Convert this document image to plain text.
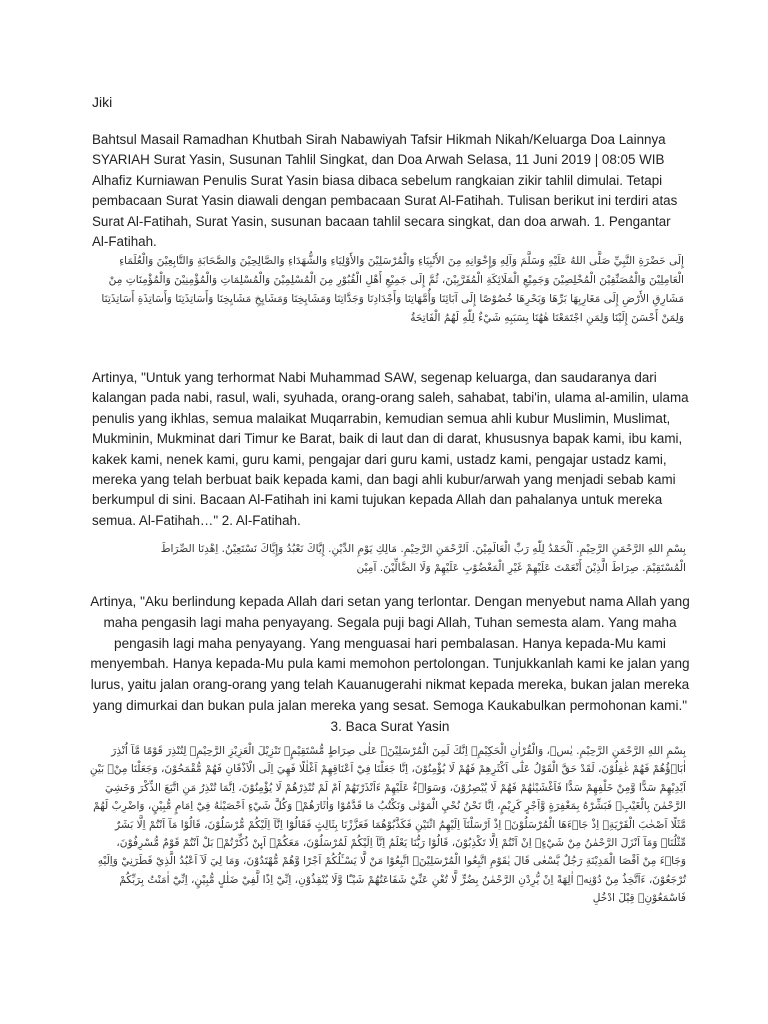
Jiki
Bahtsul Masail Ramadhan Khutbah Sirah Nabawiyah Tafsir Hikmah Nikah/Keluarga Doa Lainnya SYARIAH Surat Yasin, Susunan Tahlil Singkat, dan Doa Arwah Selasa, 11 Juni 2019 | 08:05 WIB Alhafiz Kurniawan Penulis Surat Yasin biasa dibaca sebelum rangkaian zikir tahlil dimulai. Tetapi pembacaan Surat Yasin diawali dengan pembacaan Surat Al-Fatihah. Tulisan berikut ini terdiri atas Surat Al-Fatihah, Surat Yasin, susunan bacaan tahlil secara singkat, dan doa arwah. 1. Pengantar Al-Fatihah.
إِلَى حَضْرَةِ النَّبِيِّ صَلَّى اللهُ عَلَيْهِ وَسَلَّمَ وَآلِهِ وَإِخْوَانِهِ مِنَ الأَنْبِيَاءِ وَالْمُرْسَلِيْنَ وَالأَوْلِيَاءِ وَالشُّهَدَاءِ وَالصَّالِحِيْنَ وَالصَّحَابَةِ وَالتَّابِعِيْنَ وَالْعُلَمَاءِ الْعَامِلِيْنَ وَالْمُصَنِّفِيْنَ الْمُخْلِصِيْنَ وَجَمِيْعِ الْمَلَائِكَةِ الْمُقَرَّبِيْنَ، ثُمَّ إِلَى جَمِيْعِ أَهْلِ الْقُبُوْرِ مِنَ الْمُسْلِمِيْنَ وَالْمُسْلِمَاتِ وَالْمُؤْمِنِيْنَ وَالْمُؤْمِنَاتِ مِنْ مَشَارِقِ الأَرْضِ إِلَى مَغَارِبِهَا بَرِّهَا وَبَحْرِهَا خُصُوْصًا إِلَى آبَائِنَا وَأُمَّهَاتِنَا وَأَجْدَادِنَا وَجَدَّاتِنَا وَمَشَايِخِنَا وَمَشَايِخِ مَشَايِخِنَا وَأَسَاتِذَتِنَا وَأَسَاتِذَةِ أَسَاتِذَتِنَا وَلِمَنْ أَحْسَنَ إِلَيْنَا وَلِمَنِ اجْتَمَعْنَا هٰهُنَا بِسَبَبِهِ شَيْءٌ لِلّٰهِ لَهُمُ الْفَاتِحَةُ
Artinya, "Untuk yang terhormat Nabi Muhammad SAW, segenap keluarga, dan saudaranya dari kalangan pada nabi, rasul, wali, syuhada, orang-orang saleh, sahabat, tabi'in, ulama al-amilin, ulama penulis yang ikhlas, semua malaikat Muqarrabin, kemudian semua ahli kubur Muslimin, Muslimat, Mukminin, Mukminat dari Timur ke Barat, baik di laut dan di darat, khususnya bapak kami, ibu kami, kakek kami, nenek kami, guru kami, pengajar dari guru kami, ustadz kami, pengajar ustadz kami, mereka yang telah berbuat baik kepada kami, dan bagi ahli kubur/arwah yang menjadi sebab kami berkumpul di sini. Bacaan Al-Fatihah ini kami tujukan kepada Allah dan pahalanya untuk mereka semua. Al-Fatihah…" 2. Al-Fatihah.
بِسْمِ اللهِ الرَّحْمَنِ الرَّحِيْمِ. اَلْحَمْدُ لِلّٰهِ رَبِّ الْعَالَمِيْنَ. اَلرَّحْمَنِ الرَّحِيْمِ. مَالِكِ يَوْمِ الدِّيْنِ. إِيَّاكَ نَعْبُدُ وَإِيَّاكَ نَسْتَعِيْنُ. اِهْدِنَا الصِّرَاطَ الْمُسْتَقِيْمَ. صِرَاطَ الَّذِيْنَ أَنْعَمْتَ عَلَيْهِمْ غَيْرِ الْمَغْضُوْبِ عَلَيْهِمْ وَلَا الضَّالِّيْنَ. آمِيْن
Artinya, "Aku berlindung kepada Allah dari setan yang terlontar. Dengan menyebut nama Allah yang maha pengasih lagi maha penyayang. Segala puji bagi Allah, Tuhan semesta alam. Yang maha pengasih lagi maha penyayang. Yang menguasai hari pembalasan. Hanya kepada-Mu kami menyembah. Hanya kepada-Mu pula kami memohon pertolongan. Tunjukkanlah kami ke jalan yang lurus, yaitu jalan orang-orang yang telah Kauanugerahi nikmat kepada mereka, bukan jalan mereka yang dimurkai dan bukan pula jalan mereka yang sesat. Semoga Kaukabulkan permohonan kami." 3. Baca Surat Yasin
بِسْمِ اللهِ الرَّحْمَنِ الرَّحِيْمِ. يٰسۤ، وَالْقُرْاٰنِ الْحَكِيْمِۙ اِنَّكَ لَمِنَ الْمُرْسَلِيْنَۙ عَلٰى صِرَاطٍ مُّسْتَقِيْمٍۗ تَنْزِيْلَ الْعَزِيْزِ الرَّحِيْمِۙ لِتُنْذِرَ قَوْمًا مَّآ اُنْذِرَ اٰبَاۤؤُهُمْ فَهُمْ غٰفِلُوْنَ، لَقَدْ حَقَّ الْقَوْلُ عَلٰٓى اَكْثَرِهِمْ فَهُمْ لَا يُؤْمِنُوْنَ، اِنَّا جَعَلْنَا فِيْٓ اَعْنَاقِهِمْ اَغْلٰلًا فَهِيَ اِلَى الْاَذْقَانِ فَهُمْ مُّقْمَحُوْنَ، وَجَعَلْنَا مِنْۢ بَيْنِ اَيْدِيْهِمْ سَدًّا وَّمِنْ خَلْفِهِمْ سَدًّا فَاَغْشَيْنٰهُمْ فَهُمْ لَا يُبْصِرُوْنَ، وَسَوَاۤءٌ عَلَيْهِمْ ءَاَنْذَرْتَهُمْ اَمْ لَمْ تُنْذِرْهُمْ لَا يُؤْمِنُوْنَ، اِنَّمَا تُنْذِرُ مَنِ اتَّبَعَ الذِّكْرَ وَخَشِيَ الرَّحْمٰنَ بِالْغَيْبِۚ فَبَشِّرْهُ بِمَغْفِرَةٍ وَّاَجْرٍ كَرِيْمٍ، اِنَّا نَحْنُ نُحْيِ الْمَوْتٰى وَنَكْتُبُ مَا قَدَّمُوْا وَاٰثَارَهُمْۗ وَكُلَّ شَيْءٍ اَحْصَيْنٰهُ فِيْٓ اِمَامٍ مُّبِيْنٍ، وَاضْرِبْ لَهُمْ مَّثَلًا اَصْحٰبَ الْقَرْيَةِۘ اِذْ جَاۤءَهَا الْمُرْسَلُوْنَۚ اِذْ اَرْسَلْنَآ اِلَيْهِمُ اثْنَيْنِ فَكَذَّبُوْهُمَا فَعَزَّزْنَا بِثَالِثٍ فَقَالُوْٓا اِنَّآ اِلَيْكُمْ مُّرْسَلُوْنَ، قَالُوْا مَآ اَنْتُمْ اِلَّا بَشَرٌ مِّثْلُنَاۙ وَمَآ اَنْزَلَ الرَّحْمٰنُ مِنْ شَيْءٍۙ اِنْ اَنْتُمْ اِلَّا تَكْذِبُوْنَ، قَالُوْا رَبُّنَا يَعْلَمُ اِنَّآ اِلَيْكُمْ لَمُرْسَلُوْنَ، مَعَكُمْۗ اَىِٕنْ ذُكِّرْتُمْۗ بَلْ اَنْتُمْ قَوْمٌ مُّسْرِفُوْنَ، وَجَاۤءَ مِنْ اَقْصَا الْمَدِيْنَةِ رَجُلٌ يَّسْعٰى قَالَ يٰقَوْمِ اتَّبِعُوا الْمُرْسَلِيْنَۙ اتَّبِعُوْا مَنْ لَّا يَسْـَٔلُكُمْ اَجْرًا وَّهُمْ مُّهْتَدُوْنَ، وَمَا لِيَ لَآ اَعْبُدُ الَّذِيْ فَطَرَنِيْ وَاِلَيْهِ تُرْجَعُوْنَ، ءَاَتَّخِذُ مِنْ دُوْنِهٖٓ اٰلِهَةً اِنْ يُّرِدْنِ الرَّحْمٰنُ بِضُرٍّ لَّا تُغْنِ عَنِّيْ شَفَاعَتُهُمْ شَيْـًٔا وَّلَا يُنْقِذُوْنِ، اِنِّيْٓ اِذًا لَّفِيْ ضَلٰلٍ مُّبِيْنٍ، اِنِّيْٓ اٰمَنْتُ بِرَبِّكُمْ فَاسْمَعُوْنِۗ قِيْلَ ادْخُلِ
